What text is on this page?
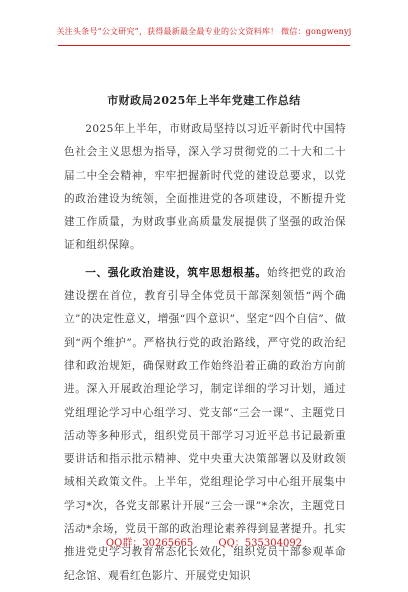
关注头条号“公文研究”，获得最新最全最专业的公文资料库！ 微信：gongwenyj
市财政局2025年上半年党建工作总结

2025年上半年，市财政局坚持以习近平新时代中国特色社会主义思想为指导，深入学习贯彻党的二十大和二十届二中全会精神，牢牢把握新时代党的建设总要求，以党的政治建设为统领，全面推进党的各项建设，不断提升党建工作质量，为财政事业高质量发展提供了坚强的政治保证和组织保障。

一、强化政治建设，筑牢思想根基。始终把党的政治建设摆在首位，教育引导全体党员干部深刻领悟“两个确立”的决定性意义，增强“四个意识”、坚定“四个自信”、做到“两个维护”。严格执行党的政治路线，严守党的政治纪律和政治规矩，确保财政工作始终沿着正确的政治方向前进。深入开展政治理论学习，制定详细的学习计划，通过党组理论学习中心组学习、党支部“三会一课”、主题党日活动等多种形式，组织党员干部学习习近平总书记最新重要讲话和指示批示精神、党中央重大决策部署以及财政领域相关政策文件。上半年，党组理论学习中心组开展集中学习*次，各党支部累计开展“三会一课”*余次，主题党日活动*余场，党员干部的政治理论素养得到显著提升。扎实推进党史学习教育常态化长效化，组织党员干部参观革命纪念馆、观看红色影片、开展党史知识

QQ群：30265665	QQ：535304092
